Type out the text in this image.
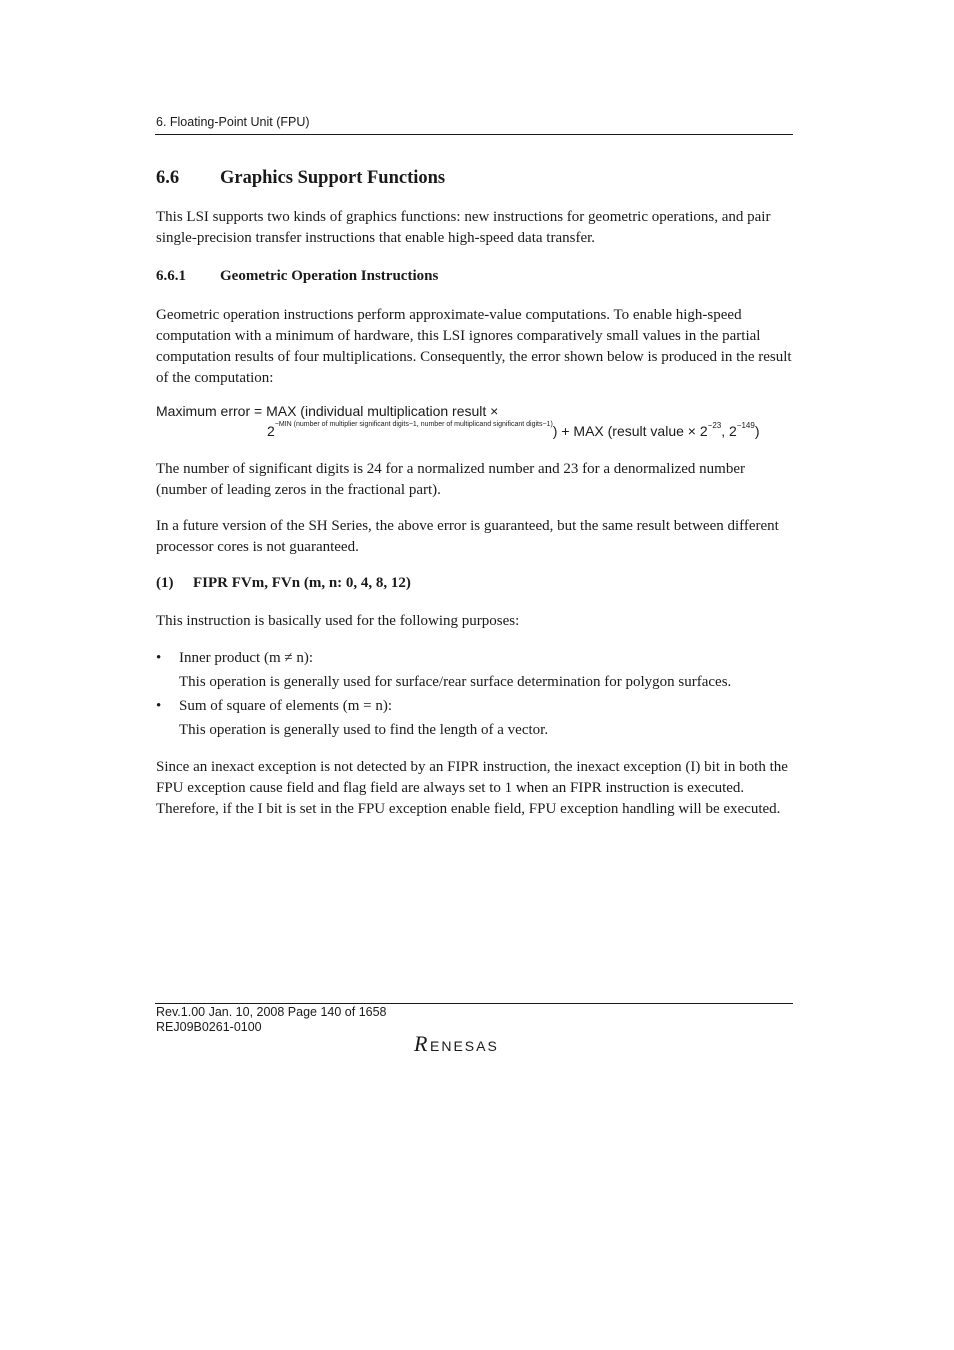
6. Floating-Point Unit (FPU)
6.6 Graphics Support Functions
This LSI supports two kinds of graphics functions: new instructions for geometric operations, and pair single-precision transfer instructions that enable high-speed data transfer.
6.6.1 Geometric Operation Instructions
Geometric operation instructions perform approximate-value computations. To enable high-speed computation with a minimum of hardware, this LSI ignores comparatively small values in the partial computation results of four multiplications. Consequently, the error shown below is produced in the result of the computation:
Maximum error = MAX (individual multiplication result ×
$2^{-MIN (number of multiplier significant digits-1, number of multiplicand significant digits-1)}$) + MAX (result value × $2^{-23}$, $2^{-149}$)
The number of significant digits is 24 for a normalized number and 23 for a denormalized number (number of leading zeros in the fractional part).
In a future version of the SH Series, the above error is guaranteed, but the same result between different processor cores is not guaranteed.
(1) FIPR FVm, FVn (m, n: 0, 4, 8, 12)
This instruction is basically used for the following purposes:
• Inner product (m ≠ n):
This operation is generally used for surface/rear surface determination for polygon surfaces.
• Sum of square of elements (m = n):
This operation is generally used to find the length of a vector.
Since an inexact exception is not detected by an FIPR instruction, the inexact exception (I) bit in both the FPU exception cause field and flag field are always set to 1 when an FIPR instruction is executed. Therefore, if the I bit is set in the FPU exception enable field, FPU exception handling will be executed.
Rev.1.00 Jan. 10, 2008 Page 140 of 1658
REJ09B0261-0100
R ENESAS
